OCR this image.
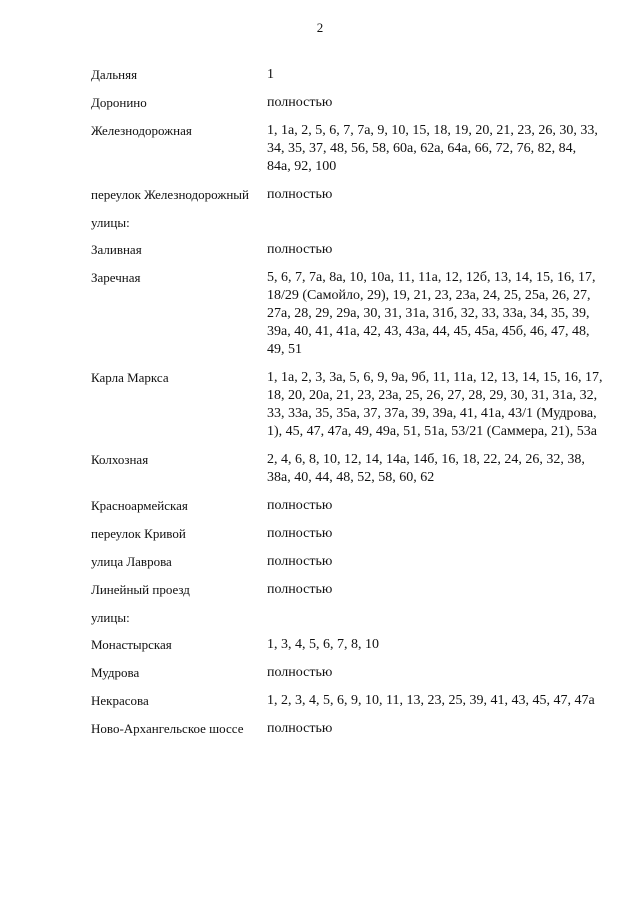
2
Дальняя	1
Доронино	полностью
Железнодорожная	1, 1а, 2, 5, 6, 7, 7а, 9, 10, 15, 18, 19, 20, 21, 23, 26, 30, 33, 34, 35, 37, 48, 56, 58, 60а, 62а, 64а, 66, 72, 76, 82, 84, 84а, 92, 100
переулок Железнодорожный	полностью
улицы:
Заливная	полностью
Заречная	5, 6, 7, 7а, 8а, 10, 10а, 11, 11а, 12, 12б, 13, 14, 15, 16, 17, 18/29 (Самойло, 29), 19, 21, 23, 23а, 24, 25, 25а, 26, 27, 27а, 28, 29, 29а, 30, 31, 31а, 31б, 32, 33, 33а, 34, 35, 39, 39а, 40, 41, 41а, 42, 43, 43а, 44, 45, 45а, 45б, 46, 47, 48, 49, 51
Карла Маркса	1, 1а, 2, 3, 3а, 5, 6, 9, 9а, 9б, 11, 11а, 12, 13, 14, 15, 16, 17, 18, 20, 20а, 21, 23, 23а, 25, 26, 27, 28, 29, 30, 31, 31а, 32, 33, 33а, 35, 35а, 37, 37а, 39, 39а, 41, 41а, 43/1 (Мудрова, 1), 45, 47, 47а, 49, 49а, 51, 51а, 53/21 (Саммера, 21), 53а
Колхозная	2, 4, 6, 8, 10, 12, 14, 14а, 14б, 16, 18, 22, 24, 26, 32, 38, 38а, 40, 44, 48, 52, 58, 60, 62
Красноармейская	полностью
переулок Кривой	полностью
улица Лаврова	полностью
Линейный проезд	полностью
улицы:
Монастырская	1, 3, 4, 5, 6, 7, 8, 10
Мудрова	полностью
Некрасова	1, 2, 3, 4, 5, 6, 9, 10, 11, 13, 23, 25, 39, 41, 43, 45, 47, 47а
Ново-Архангельское шоссе	полностью
